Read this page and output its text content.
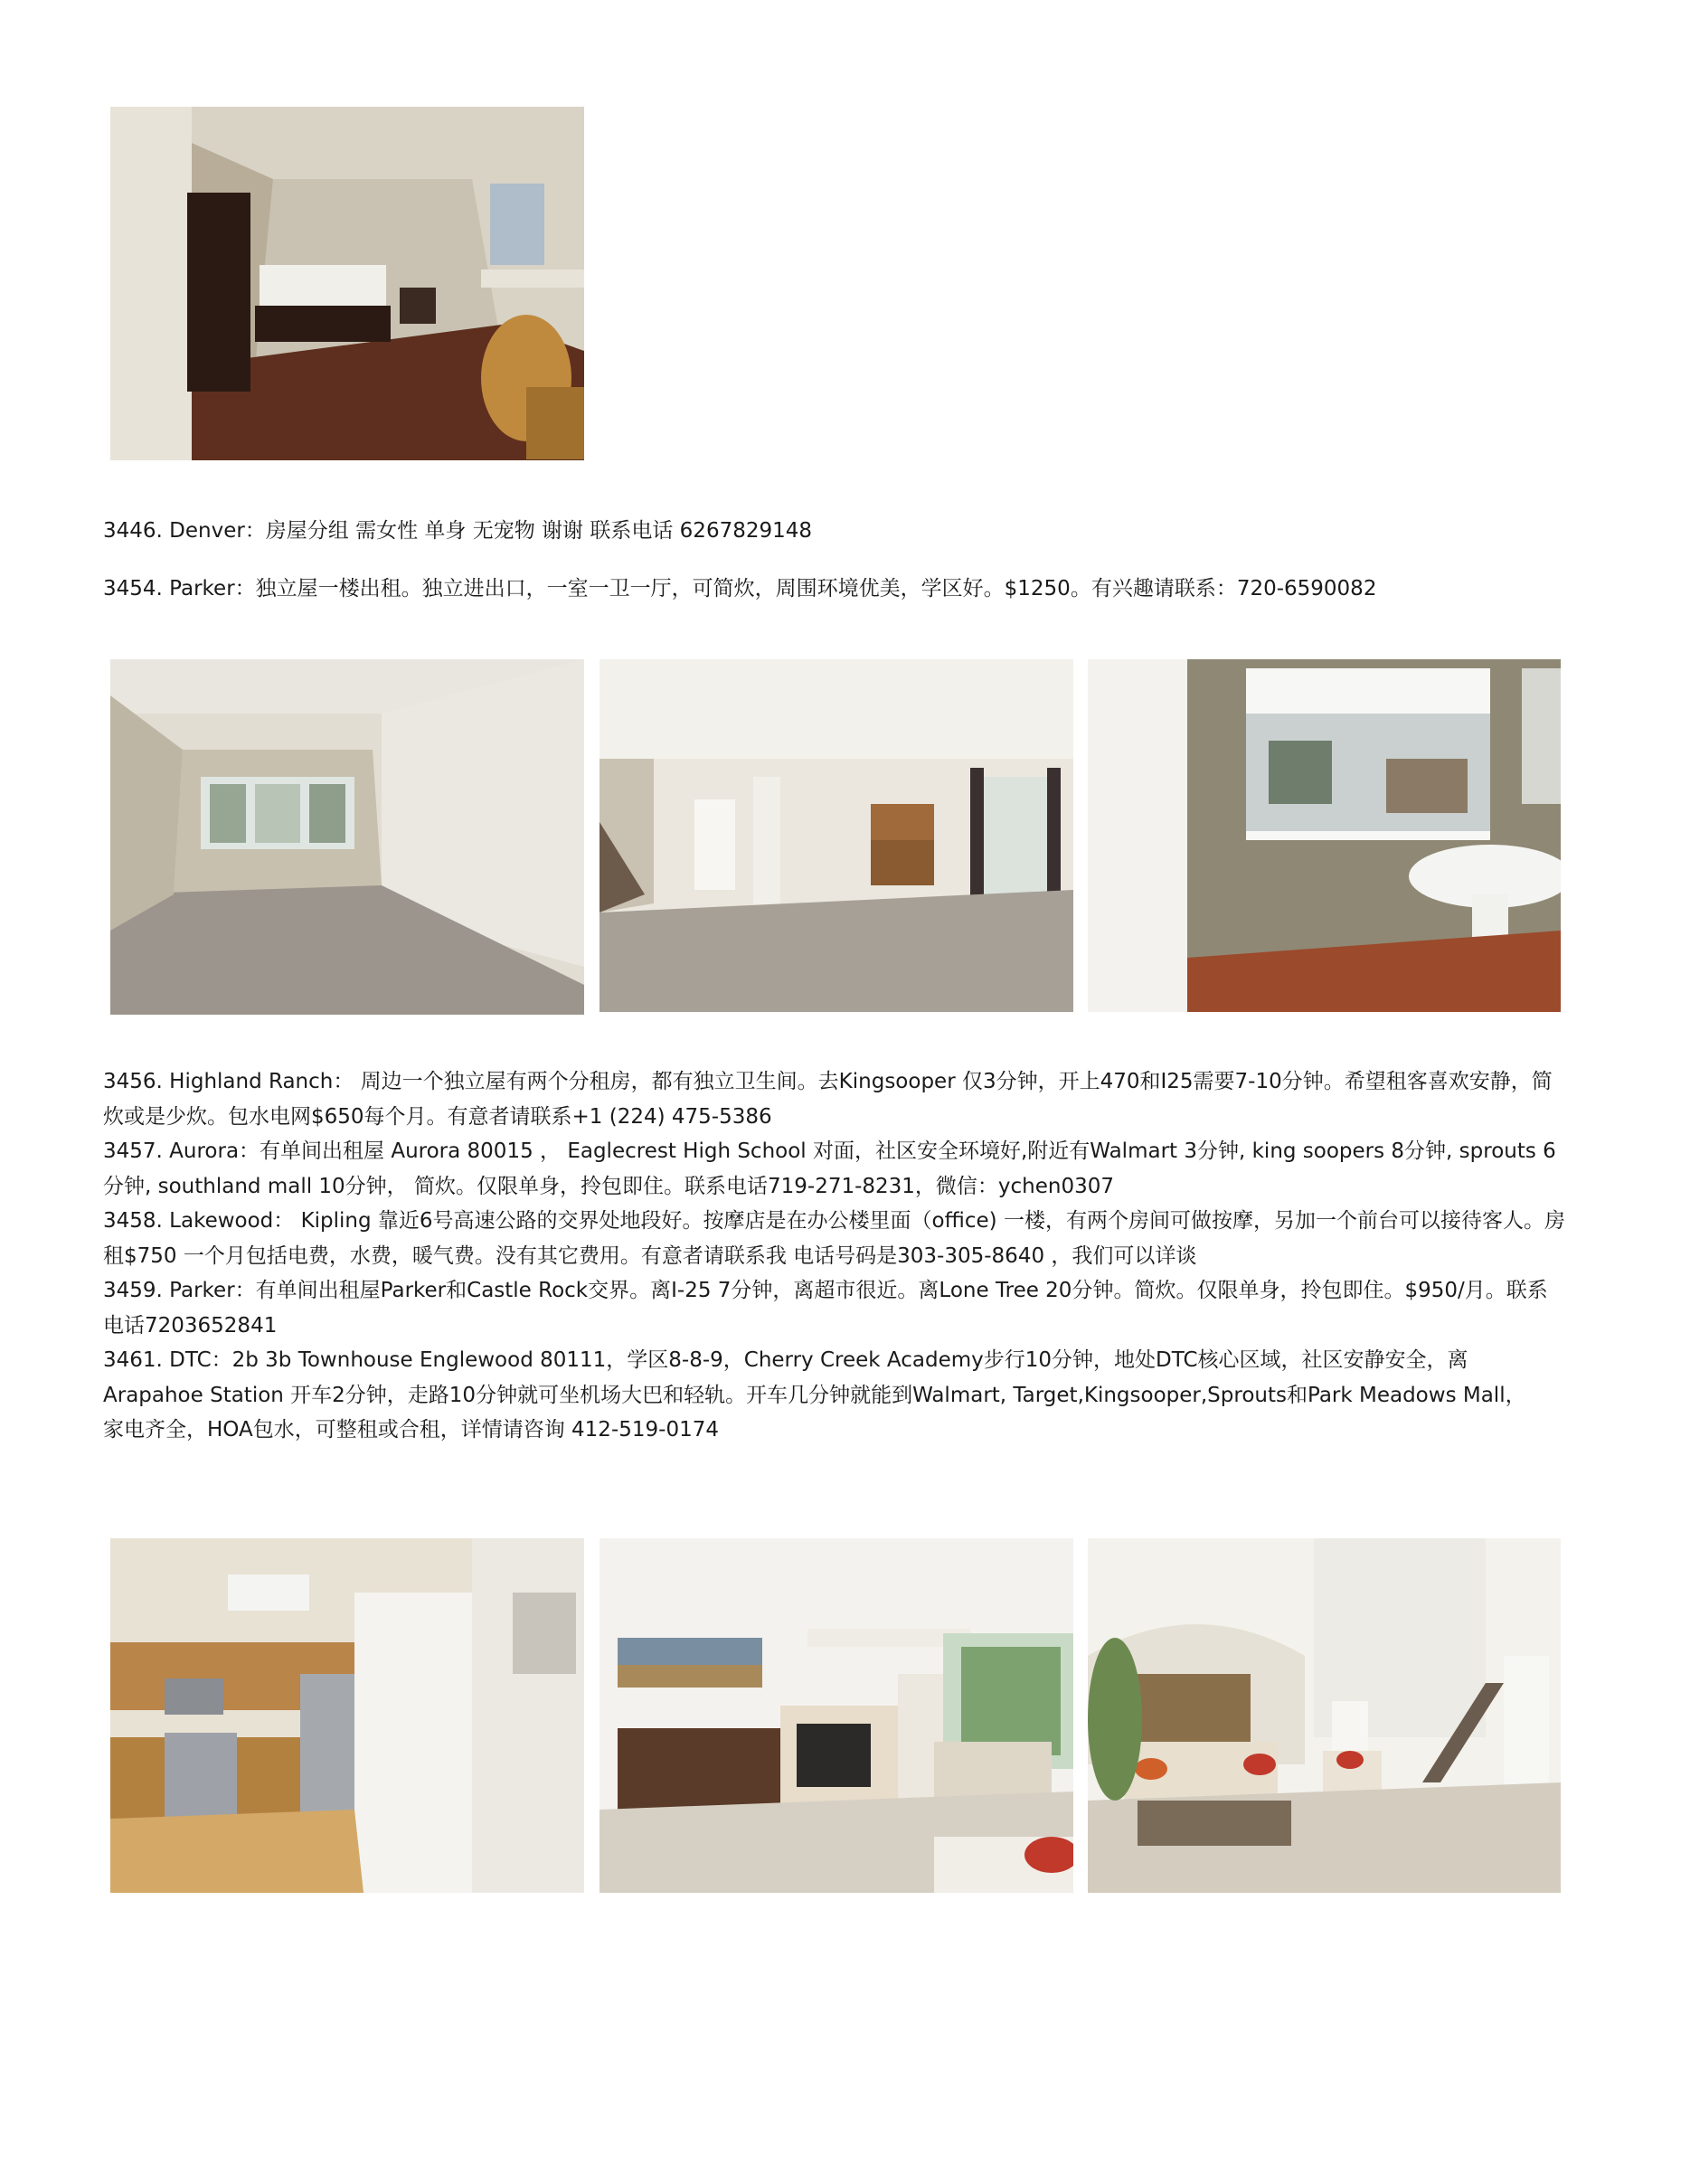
3446. Denver：房屋分组 需女性 单身 无宠物 谢谢 联系电话 6267829148

3454. Parker：独立屋一楼出租。独立进出口，一室一卫一厅，可简炊，周围环境优美，学区好。$1250。有兴趣请联系：720-6590082

3456. Highland Ranch： 周边一个独立屋有两个分租房，都有独立卫生间。去Kingsooper 仅3分钟，开上470和I25需要7-10分钟。希望租客喜欢安静，简炊或是少炊。包水电网$650每个月。有意者请联系+1 (224) 475-5386

3457. Aurora：有单间出租屋 Aurora 80015 ， Eaglecrest High School 对面，社区安全环境好,附近有Walmart 3分钟, king soopers 8分钟, sprouts 6分钟, southland mall 10分钟， 简炊。仅限单身，拎包即住。联系电话719-271-8231，微信：ychen0307

3458. Lakewood： Kipling 靠近6号高速公路的交界处地段好。按摩店是在办公楼里面（office) 一楼，有两个房间可做按摩，另加一个前台可以接待客人。房租$750 一个月包括电费，水费，暖气费。没有其它费用。有意者请联系我 电话号码是303-305-8640 ，我们可以详谈

3459. Parker：有单间出租屋Parker和Castle Rock交界。离I-25 7分钟，离超市很近。离Lone Tree 20分钟。简炊。仅限单身，拎包即住。$950/月。联系电话7203652841

3461. DTC：2b 3b Townhouse Englewood 80111，学区8-8-9，Cherry Creek Academy步行10分钟，地处DTC核心区域，社区安静安全，离Arapahoe Station 开车2分钟，走路10分钟就可坐机场大巴和轻轨。开车几分钟就能到Walmart, Target,Kingsooper,Sprouts和Park Meadows Mall，
家电齐全，HOA包水，可整租或合租，详情请咨询 412-519-0174
